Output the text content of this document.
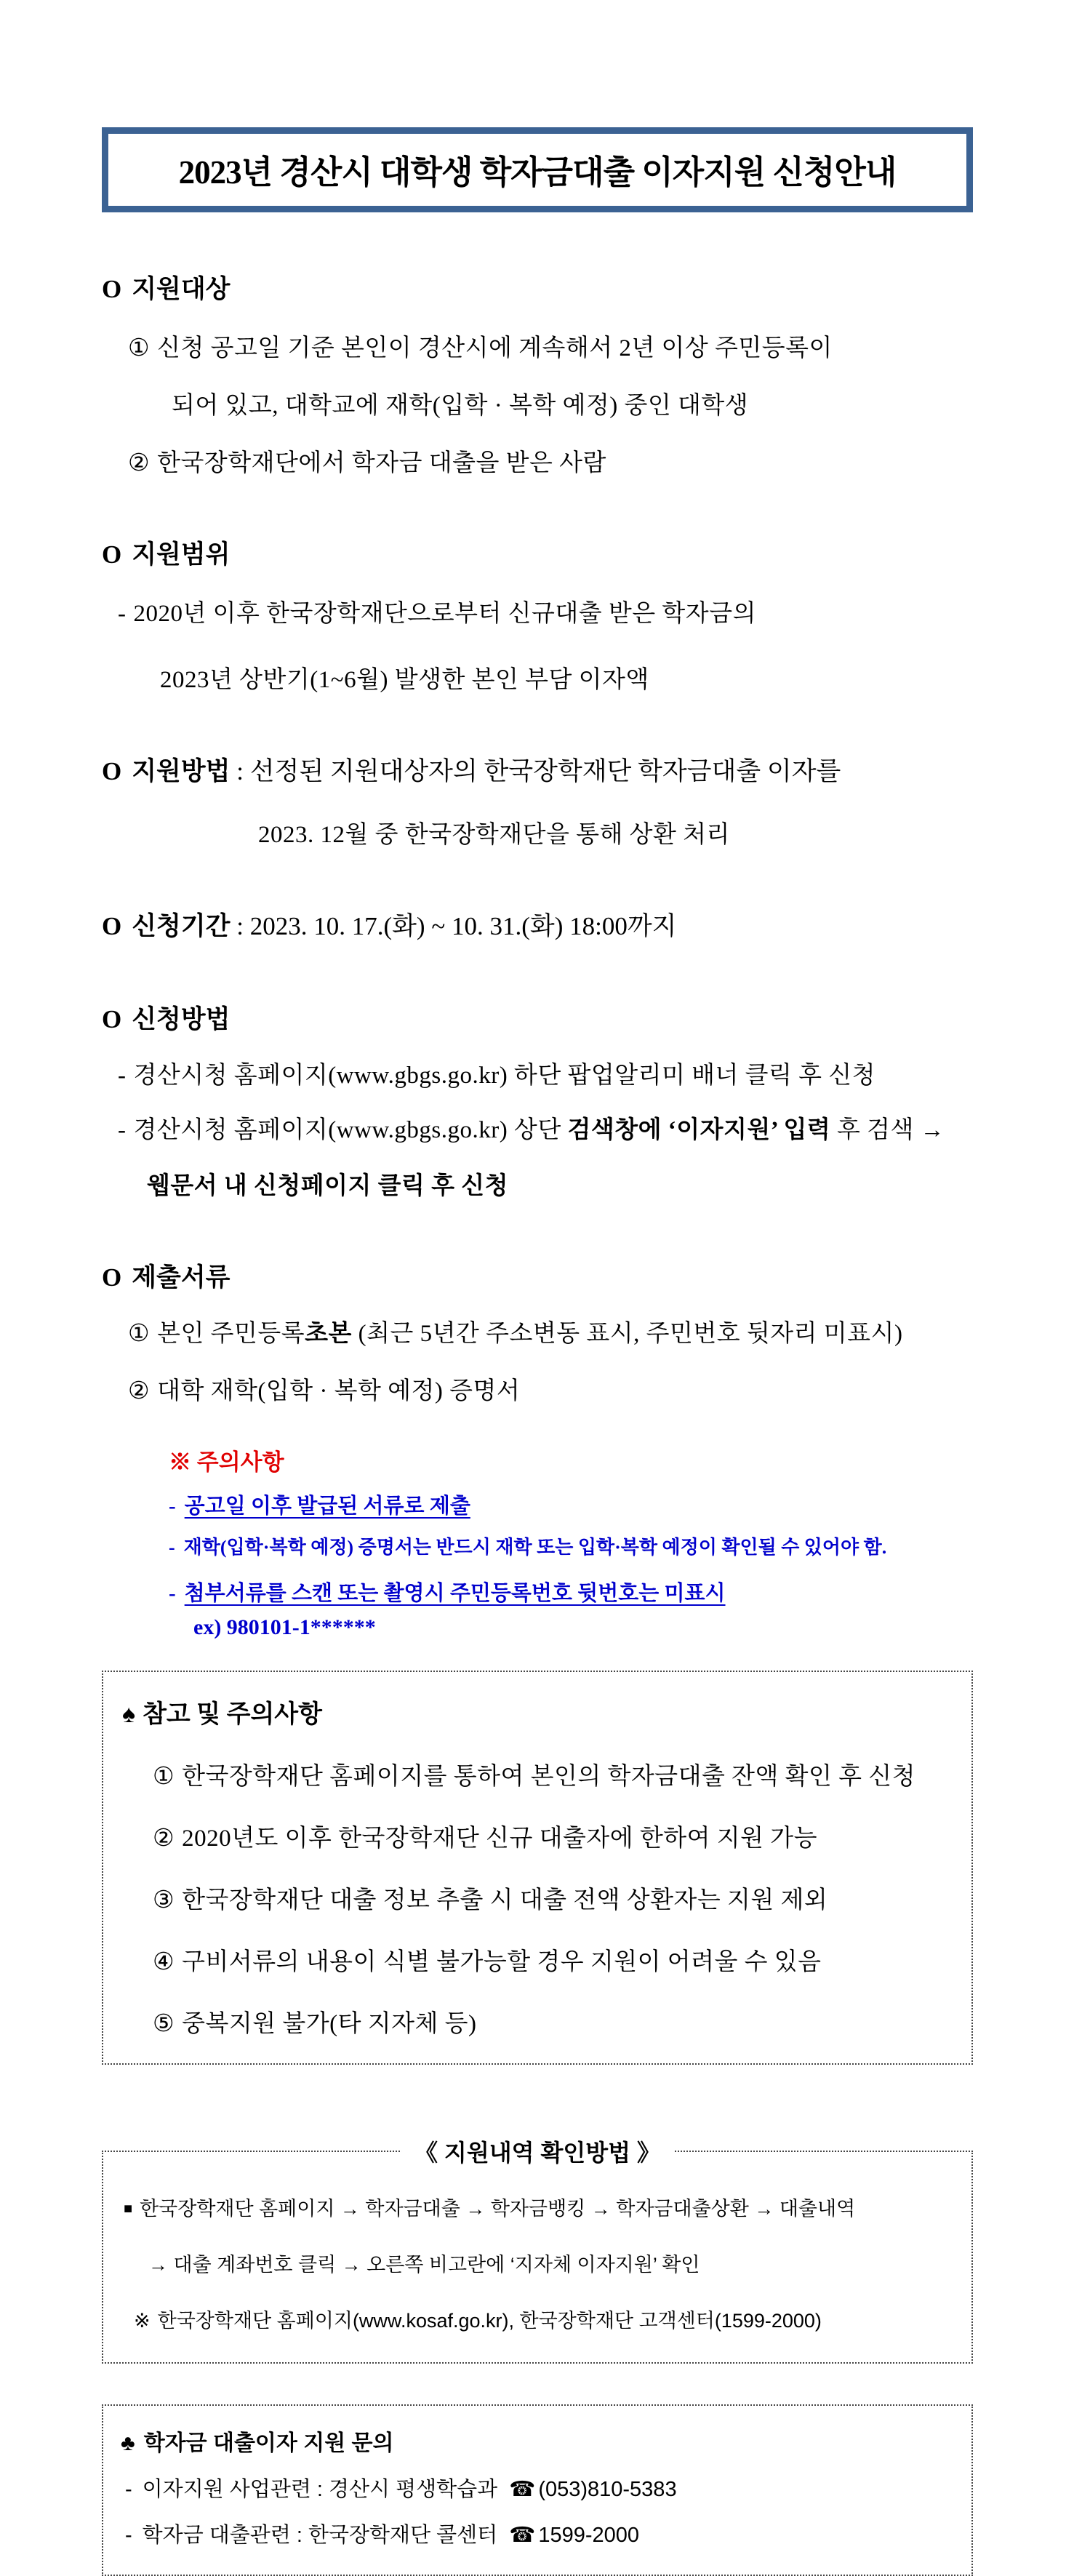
2023년 경산시 대학생 학자금대출 이자지원 신청안내
O 지원대상
① 신청 공고일 기준 본인이 경산시에 계속해서 2년 이상 주민등록이
되어 있고, 대학교에 재학(입학 · 복학 예정) 중인 대학생
② 한국장학재단에서 학자금 대출을 받은 사람
O 지원범위
- 2020년 이후 한국장학재단으로부터 신규대출 받은 학자금의
2023년 상반기(1~6월) 발생한 본인 부담 이자액
O 지원방법 : 선정된 지원대상자의 한국장학재단 학자금대출 이자를
2023. 12월 중 한국장학재단을 통해 상환 처리
O 신청기간 : 2023. 10. 17.(화) ~ 10. 31.(화) 18:00까지
O 신청방법
- 경산시청 홈페이지(www.gbgs.go.kr) 하단 팝업알리미 배너 클릭 후 신청
- 경산시청 홈페이지(www.gbgs.go.kr) 상단 검색창에 ‘이자지원’ 입력 후 검색 →
웹문서 내 신청페이지 클릭 후 신청
O 제출서류
① 본인 주민등록초본 (최근 5년간 주소변동 표시, 주민번호 뒷자리 미표시)
② 대학 재학(입학 · 복학 예정) 증명서
※ 주의사항
- 공고일 이후 발급된 서류로 제출
- 재학(입학·복학 예정) 증명서는 반드시 재학 또는 입학·복학 예정이 확인될 수 있어야 함.
- 첨부서류를 스캔 또는 촬영시 주민등록번호 뒷번호는 미표시
ex) 980101-1******
♠ 참고 및 주의사항
① 한국장학재단 홈페이지를 통하여 본인의 학자금대출 잔액 확인 후 신청
② 2020년도 이후 한국장학재단 신규 대출자에 한하여 지원 가능
③ 한국장학재단 대출 정보 추출 시 대출 전액 상환자는 지원 제외
④ 구비서류의 내용이 식별 불가능할 경우 지원이 어려울 수 있음
⑤ 중복지원 불가(타 지자체 등)
《 지원내역 확인방법 》
■ 한국장학재단 홈페이지 → 학자금대출 → 학자금뱅킹 → 학자금대출상환 → 대출내역
→ 대출 계좌번호 클릭 → 오른쪽 비고란에 ‘지자체 이자지원’ 확인
※ 한국장학재단 홈페이지(www.kosaf.go.kr), 한국장학재단 고객센터(1599-2000)
♣ 학자금 대출이자 지원 문의
- 이자지원 사업관련 : 경산시 평생학습과 ☎ (053)810-5383
- 학자금 대출관련 : 한국장학재단 콜센터 ☎ 1599-2000
